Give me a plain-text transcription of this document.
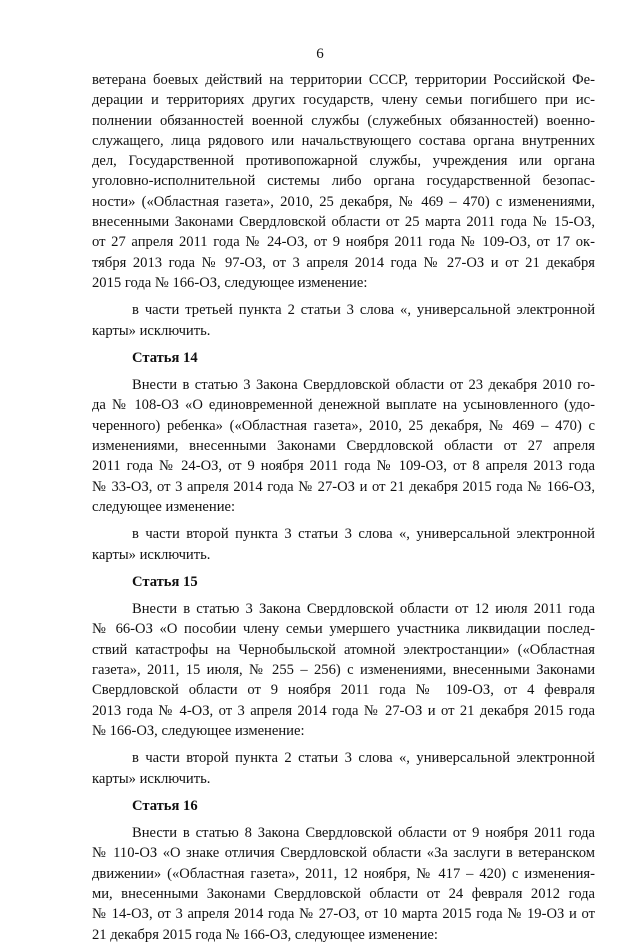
6
ветерана боевых действий на территории СССР, территории Российской Фе-
дерации и территориях других государств, члену семьи погибшего при ис-
полнении обязанностей военной службы (служебных обязанностей) военно-
служащего, лица рядового или начальствующего состава органа внутренних
дел, Государственной противопожарной службы, учреждения или органа
уголовно-исполнительной системы либо органа государственной безопас-
ности» («Областная газета», 2010, 25 декабря, № 469 – 470) с изменениями,
внесенными Законами Свердловской области от 25 марта 2011 года № 15-ОЗ,
от 27 апреля 2011 года № 24-ОЗ, от 9 ноября 2011 года № 109-ОЗ, от 17 ок-
тября 2013 года № 97-ОЗ, от 3 апреля 2014 года № 27-ОЗ и от 21 декабря
2015 года № 166-ОЗ, следующее изменение:
в части третьей пункта 2 статьи 3 слова «, универсальной электронной
карты» исключить.
Статья 14
Внести в статью 3 Закона Свердловской области от 23 декабря 2010 го-
да № 108-ОЗ «О единовременной денежной выплате на усыновленного (удо-
черенного) ребенка» («Областная газета», 2010, 25 декабря, № 469 – 470) с
изменениями, внесенными Законами Свердловской области от 27 апреля
2011 года № 24-ОЗ, от 9 ноября 2011 года № 109-ОЗ, от 8 апреля 2013 года
№ 33-ОЗ, от 3 апреля 2014 года № 27-ОЗ и от 21 декабря 2015 года № 166-ОЗ,
следующее изменение:
в части второй пункта 3 статьи 3 слова «, универсальной электронной
карты» исключить.
Статья 15
Внести в статью 3 Закона Свердловской области от 12 июля 2011 года
№ 66-ОЗ «О пособии члену семьи умершего участника ликвидации послед-
ствий катастрофы на Чернобыльской атомной электростанции» («Областная
газета», 2011, 15 июля, № 255 – 256) с изменениями, внесенными Законами
Свердловской области от 9 ноября 2011 года № 109-ОЗ, от 4 февраля
2013 года № 4-ОЗ, от 3 апреля 2014 года № 27-ОЗ и от 21 декабря 2015 года
№ 166-ОЗ, следующее изменение:
в части второй пункта 2 статьи 3 слова «, универсальной электронной
карты» исключить.
Статья 16
Внести в статью 8 Закона Свердловской области от 9 ноября 2011 года
№ 110-ОЗ «О знаке отличия Свердловской области «За заслуги в ветеранском
движении» («Областная газета», 2011, 12 ноября, № 417 – 420) с изменения-
ми, внесенными Законами Свердловской области от 24 февраля 2012 года
№ 14-ОЗ, от 3 апреля 2014 года № 27-ОЗ, от 10 марта 2015 года № 19-ОЗ и от
21 декабря 2015 года № 166-ОЗ, следующее изменение:
